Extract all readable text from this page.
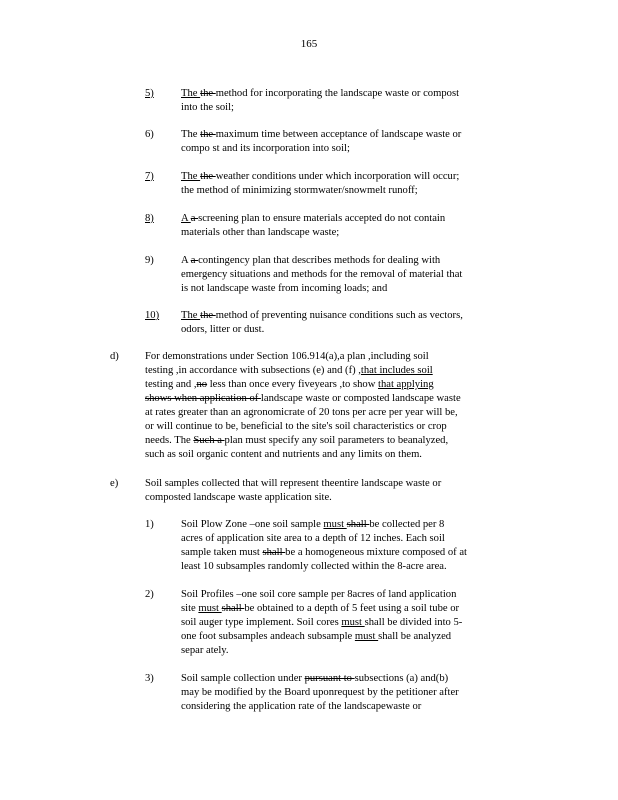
165
5)	The the method for incorporating the landscape waste or compost
into the soil;
6)	The the maximum time between acceptance of landscape waste or
compo st and its incorporation into soil;
7)	The the weather conditions under which incorporation will occur;
the method of minimizing stormwater/snowmelt runoff;
8)	A a screening plan to ensure materials accepted do not contain
materials other than landscape waste;
9)	A a contingency plan that describes methods for dealing with
emergency situations and methods for the removal of material that
is not landscape waste from incoming loads; and
10) The the method of preventing nuisance conditions such as vectors,
odors, litter or dust.
d) For demonstrations under Section 106.914(a),a plan ,including soil
testing ,in accordance with subsections (e) and (f) ,that includes soil
testing and ,no less than once every fiveyears ,to show that applying
shows when application of landscape waste or composted landscape waste
at rates greater than an agronomicrate of 20 tons per acre per year will be,
or will continue to be, beneficial to the site's soil characteristics or crop
needs. The Such a plan must specify any soil parameters to beanalyzed,
such as soil organic content and nutrients and any limits on them.
e)	Soil samples collected that will represent theentire landscape waste or
composted landscape waste application site.
1)	Soil Plow Zone –one soil sample must shall be collected per 8
acres of application site area to a depth of 12 inches. Each soil
sample taken must shall be a homogeneous mixture composed of at
least 10 subsamples randomly collected within the 8-acre area.
2)	Soil Profiles –one soil core sample per 8acres of land application
site must shall be obtained to a depth of 5 feet using a soil tube or
soil auger type implement. Soil cores must shall be divided into 5-
one foot subsamples andeach subsample must shall be analyzed
separ ately.
3)	Soil sample collection under pursuant to subsections (a) and(b)
may be modified by the Board uponrequest by the petitioner after
considering the application rate of the landscapewaste or
